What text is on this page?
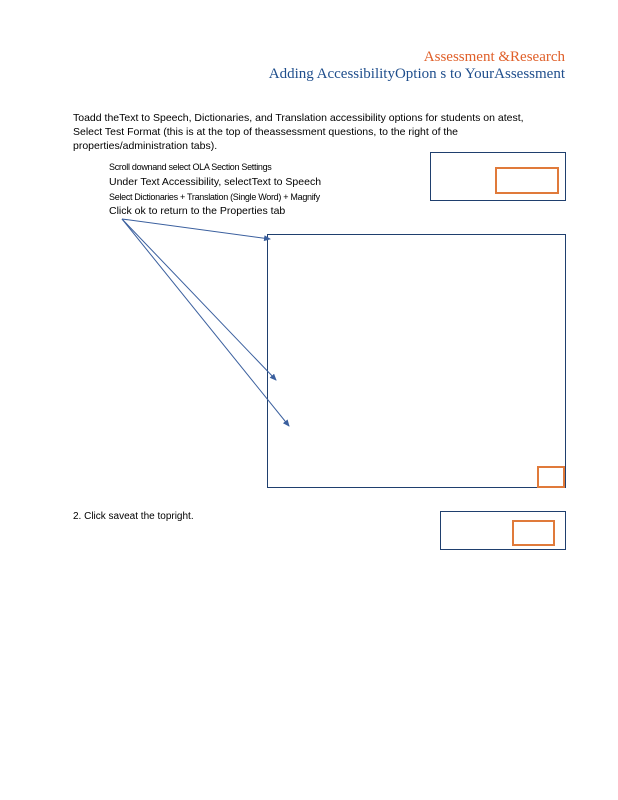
Assessment &Research
Adding AccessibilityOption s to YourAssessment

Toadd theText to Speech, Dictionaries, and Translation accessibility options for students on atest,

Select Test Format (this is at the top of theassessment questions, to the right of the

properties/administration tabs).

Scroll downand select OLA Section Settings
Under Text Accessibility, selectText to Speech
Select Dictionaries + Translation (Single Word) + Magnify
Click ok to return to the Properties tab
2. Click saveat the topright.
